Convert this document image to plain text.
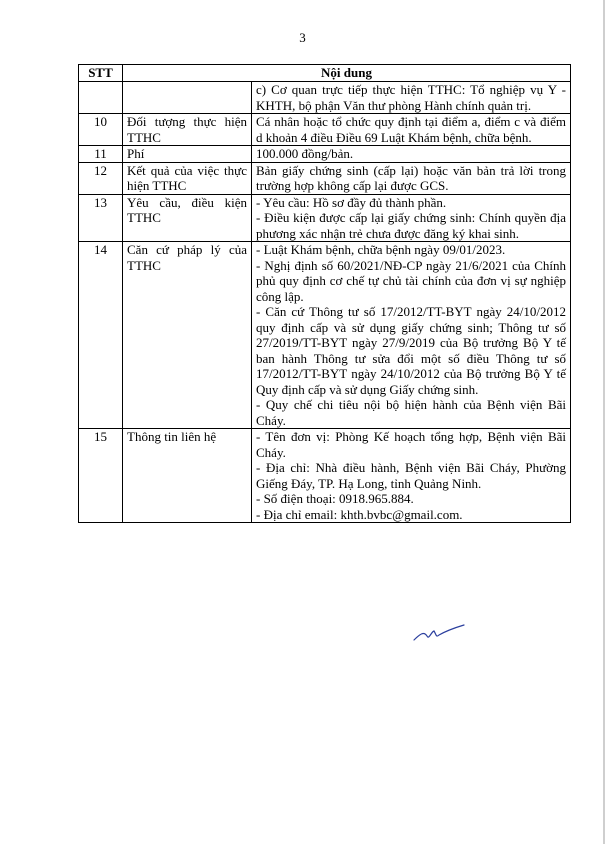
3
STT	Nội dung	

		c) Cơ quan trực tiếp thực hiện TTHC: Tổ nghiệp vụ Y - KHTH, bộ phận Văn thư phòng Hành chính quản trị.

10	Đối tượng thực hiện TTHC	Cá nhân hoặc tổ chức quy định tại điểm a, điểm c và điểm d khoản 4 điều Điều 69 Luật Khám bệnh, chữa bệnh.

11	Phí	100.000 đồng/bản.

12	Kết quả của việc thực hiện TTHC	Bản giấy chứng sinh (cấp lại) hoặc văn bản trả lời trong trường hợp không cấp lại được GCS.

13	Yêu cầu, điều kiện TTHC	- Yêu cầu: Hồ sơ đầy đủ thành phần.
- Điều kiện được cấp lại giấy chứng sinh: Chính quyền địa phương xác nhận trẻ chưa được đăng ký khai sinh.

14	Căn cứ pháp lý của TTHC	- Luật Khám bệnh, chữa bệnh ngày 09/01/2023.
- Nghị định số 60/2021/NĐ-CP ngày 21/6/2021 của Chính phủ quy định cơ chế tự chủ tài chính của đơn vị sự nghiệp công lập.
- Căn cứ Thông tư số 17/2012/TT-BYT ngày 24/10/2012 quy định cấp và sử dụng giấy chứng sinh; Thông tư số 27/2019/TT-BYT ngày 27/9/2019 của Bộ trưởng Bộ Y tế ban hành Thông tư sửa đổi một số điều Thông tư số 17/2012/TT-BYT ngày 24/10/2012 của Bộ trưởng Bộ Y tế Quy định cấp và sử dụng Giấy chứng sinh.
- Quy chế chi tiêu nội bộ hiện hành của Bệnh viện Bãi Cháy.

15	Thông tin liên hệ	- Tên đơn vị: Phòng Kế hoạch tổng hợp, Bệnh viện Bãi Cháy.
- Địa chỉ: Nhà điều hành, Bệnh viện Bãi Cháy, Phường Giếng Đáy, TP. Hạ Long, tỉnh Quảng Ninh.
- Số điện thoại: 0918.965.884.
- Địa chỉ email: khth.bvbc@gmail.com.
